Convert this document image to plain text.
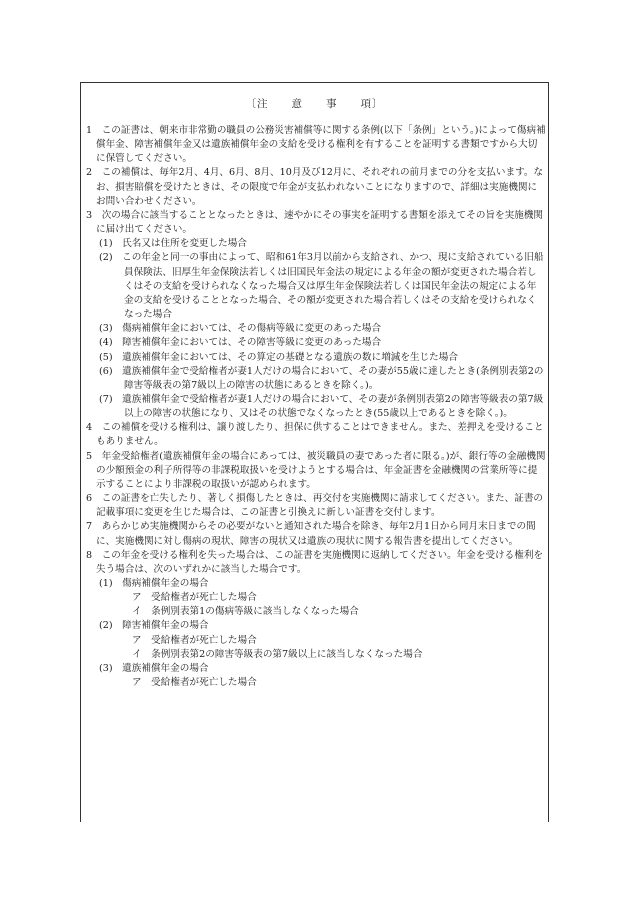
〔注　　意　　事　　項〕

1　この証書は、朝来市非常勤の職員の公務災害補償等に関する条例(以下「条例」という。)によって傷病補償年金、障害補償年金又は遺族補償年金の支給を受ける権利を有することを証明する書類ですから大切に保管してください。

2　この補償は、毎年2月、4月、6月、8月、10月及び12月に、それぞれの前月までの分を支払います。なお、損害賠償を受けたときは、その限度で年金が支払われないことになりますので、詳細は実施機関にお問い合わせください。

3　次の場合に該当することとなったときは、速やかにその事実を証明する書類を添えてその旨を実施機関に届け出てください。

(1)　氏名又は住所を変更した場合

(2)　この年金と同一の事由によって、昭和61年3月以前から支給され、かつ、現に支給されている旧船員保険法、旧厚生年金保険法若しくは旧国民年金法の規定による年金の額が変更された場合若しくはその支給を受けられなくなった場合又は厚生年金保険法若しくは国民年金法の規定による年金の支給を受けることとなった場合、その額が変更された場合若しくはその支給を受けられなくなった場合

(3)　傷病補償年金においては、その傷病等級に変更のあった場合

(4)　障害補償年金においては、その障害等級に変更のあった場合

(5)　遺族補償年金においては、その算定の基礎となる遺族の数に増減を生じた場合

(6)　遺族補償年金で受給権者が妻1人だけの場合において、その妻が55歳に達したとき(条例別表第2の障害等級表の第7級以上の障害の状態にあるときを除く。)。

(7)　遺族補償年金で受給権者が妻1人だけの場合において、その妻が条例別表第2の障害等級表の第7級以上の障害の状態になり、又はその状態でなくなったとき(55歳以上であるときを除く。)。

4　この補償を受ける権利は、譲り渡したり、担保に供することはできません。また、差押えを受けることもありません。

5　年金受給権者(遺族補償年金の場合にあっては、被災職員の妻であった者に限る。)が、銀行等の金融機関の少額預金の利子所得等の非課税取扱いを受けようとする場合は、年金証書を金融機関の営業所等に提示することにより非課税の取扱いが認められます。

6　この証書を亡失したり、著しく損傷したときは、再交付を実施機関に請求してください。また、証書の記載事項に変更を生じた場合は、この証書と引換えに新しい証書を交付します。

7　あらかじめ実施機関からその必要がないと通知された場合を除き、毎年2月1日から同月末日までの間に、実施機関に対し傷病の現状、障害の現状又は遺族の現状に関する報告書を提出してください。

8　この年金を受ける権利を失った場合は、この証書を実施機関に返納してください。年金を受ける権利を失う場合は、次のいずれかに該当した場合です。

(1)　傷病補償年金の場合

ア　受給権者が死亡した場合

イ　条例別表第1の傷病等級に該当しなくなった場合

(2)　障害補償年金の場合

ア　受給権者が死亡した場合

イ　条例別表第2の障害等級表の第7級以上に該当しなくなった場合

(3)　遺族補償年金の場合

ア　受給権者が死亡した場合
